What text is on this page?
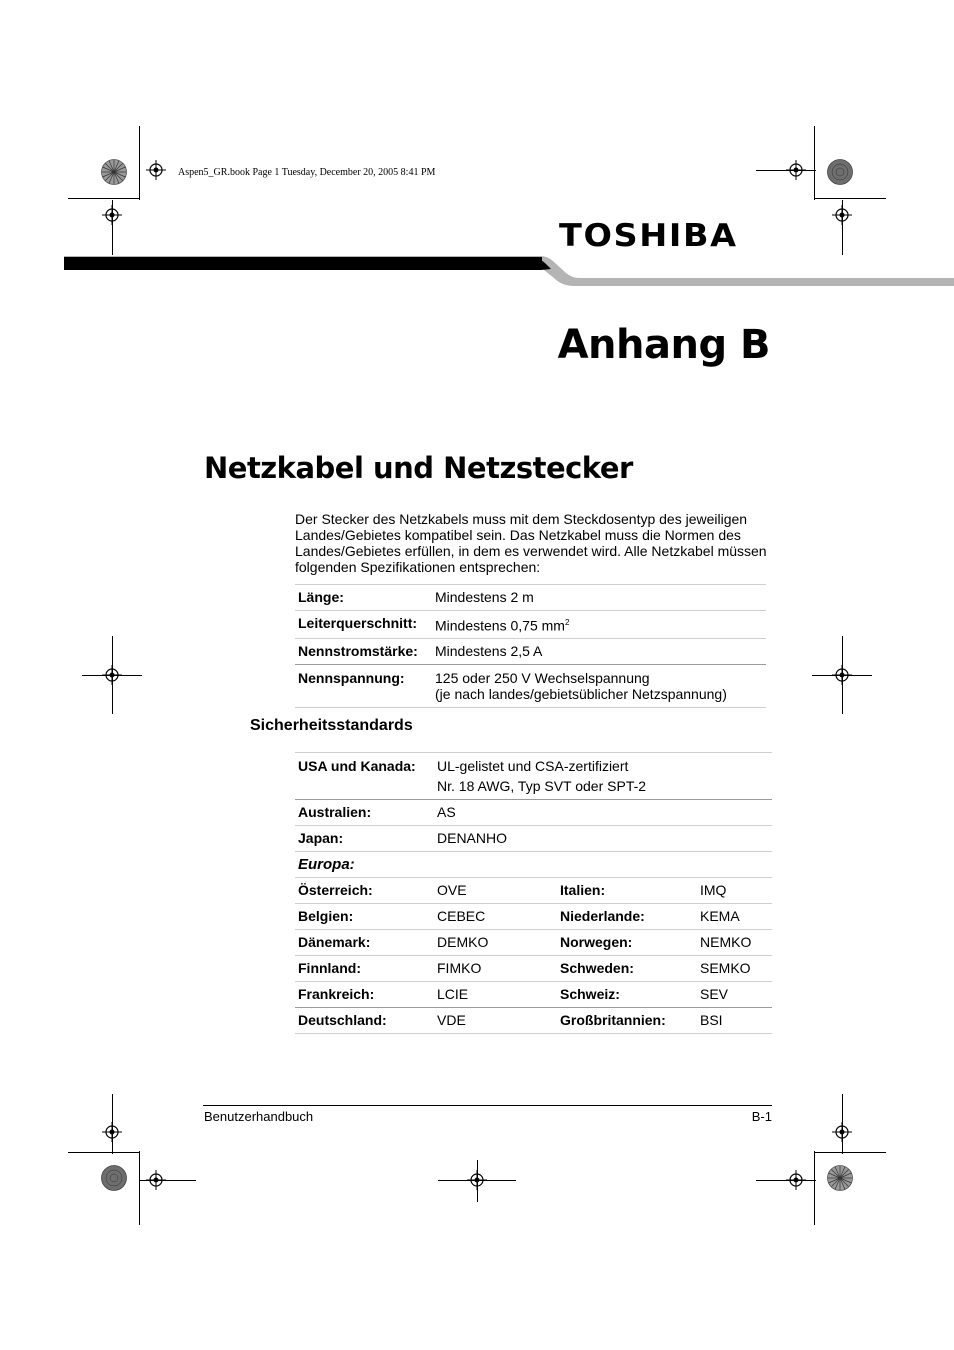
Aspen5_GR.book Page 1 Tuesday, December 20, 2005 8:41 PM
TOSHIBA
Anhang B
Netzkabel und Netzstecker
Der Stecker des Netzkabels muss mit dem Steckdosentyp des jeweiligen Landes/Gebietes kompatibel sein. Das Netzkabel muss die Normen des Landes/Gebietes erfüllen, in dem es verwendet wird. Alle Netzkabel müssen folgenden Spezifikationen entsprechen:
Länge:	Mindestens 2 m
Leiterquerschnitt:	Mindestens 0,75 $mm^2$
Nennstromstärke:	Mindestens 2,5 A
Nennspannung:	125 oder 250 V Wechselspannung
(je nach landes/gebietsüblicher Netzspannung)
Sicherheitsstandards
USA und Kanada:	UL-gelistet und CSA-zertifiziert
Nr. 18 AWG, Typ SVT oder SPT-2		

Australien:	AS		
Japan:	DENANHO		
Europa:			
Österreich:	OVE	Italien:	IMQ
Belgien:	CEBEC	Niederlande:	KEMA
Dänemark:	DEMKO	Norwegen:	NEMKO
Finnland:	FIMKO	Schweden:	SEMKO
Frankreich:	LCIE	Schweiz:	SEV
Deutschland:	VDE	Großbritannien:	BSI
Benutzerhandbuch	B-1
